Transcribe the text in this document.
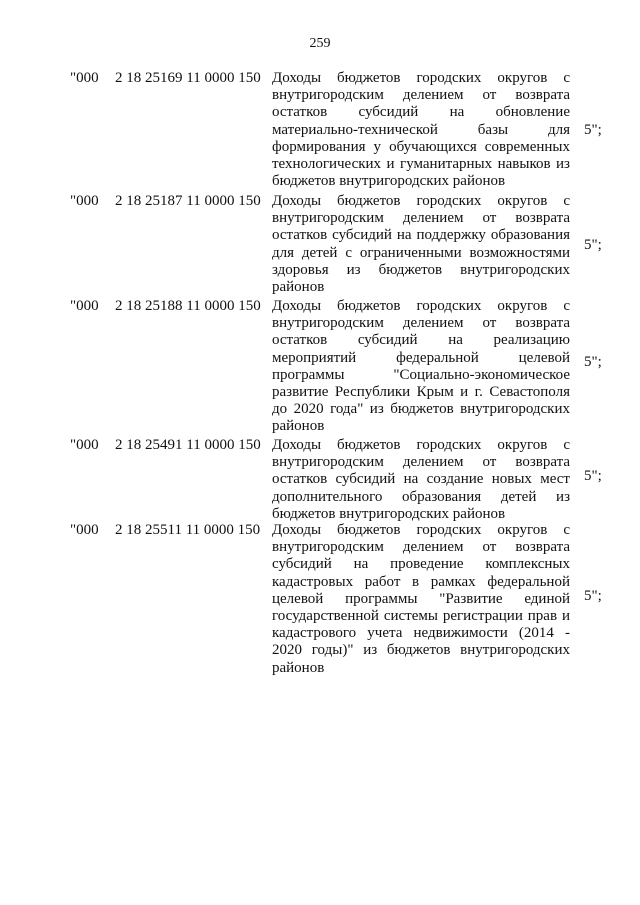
259
"000 2 18 25169 11 0000 150 Доходы бюджетов городских округов с внутригородским делением от возврата остатков субсидий на обновление материально-технической базы для формирования у обучающихся современных технологических и гуманитарных навыков из бюджетов внутригородских районов
5";
"000 2 18 25187 11 0000 150 Доходы бюджетов городских округов с внутригородским делением от возврата остатков субсидий на поддержку образования для детей с ограниченными возможностями здоровья из бюджетов внутригородских районов
5";
"000 2 18 25188 11 0000 150 Доходы бюджетов городских округов с внутригородским делением от возврата остатков субсидий на реализацию мероприятий федеральной целевой программы "Социально-экономическое развитие Республики Крым и г. Севастополя до 2020 года" из бюджетов внутригородских районов
5";
"000 2 18 25491 11 0000 150 Доходы бюджетов городских округов с внутригородским делением от возврата остатков субсидий на создание новых мест дополнительного образования детей из бюджетов внутригородских районов
5";
"000 2 18 25511 11 0000 150 Доходы бюджетов городских округов с внутригородским делением от возврата субсидий на проведение комплексных кадастровых работ в рамках федеральной целевой программы "Развитие единой государственной системы регистрации прав и кадастрового учета недвижимости (2014 - 2020 годы)" из бюджетов внутригородских районов
5";
